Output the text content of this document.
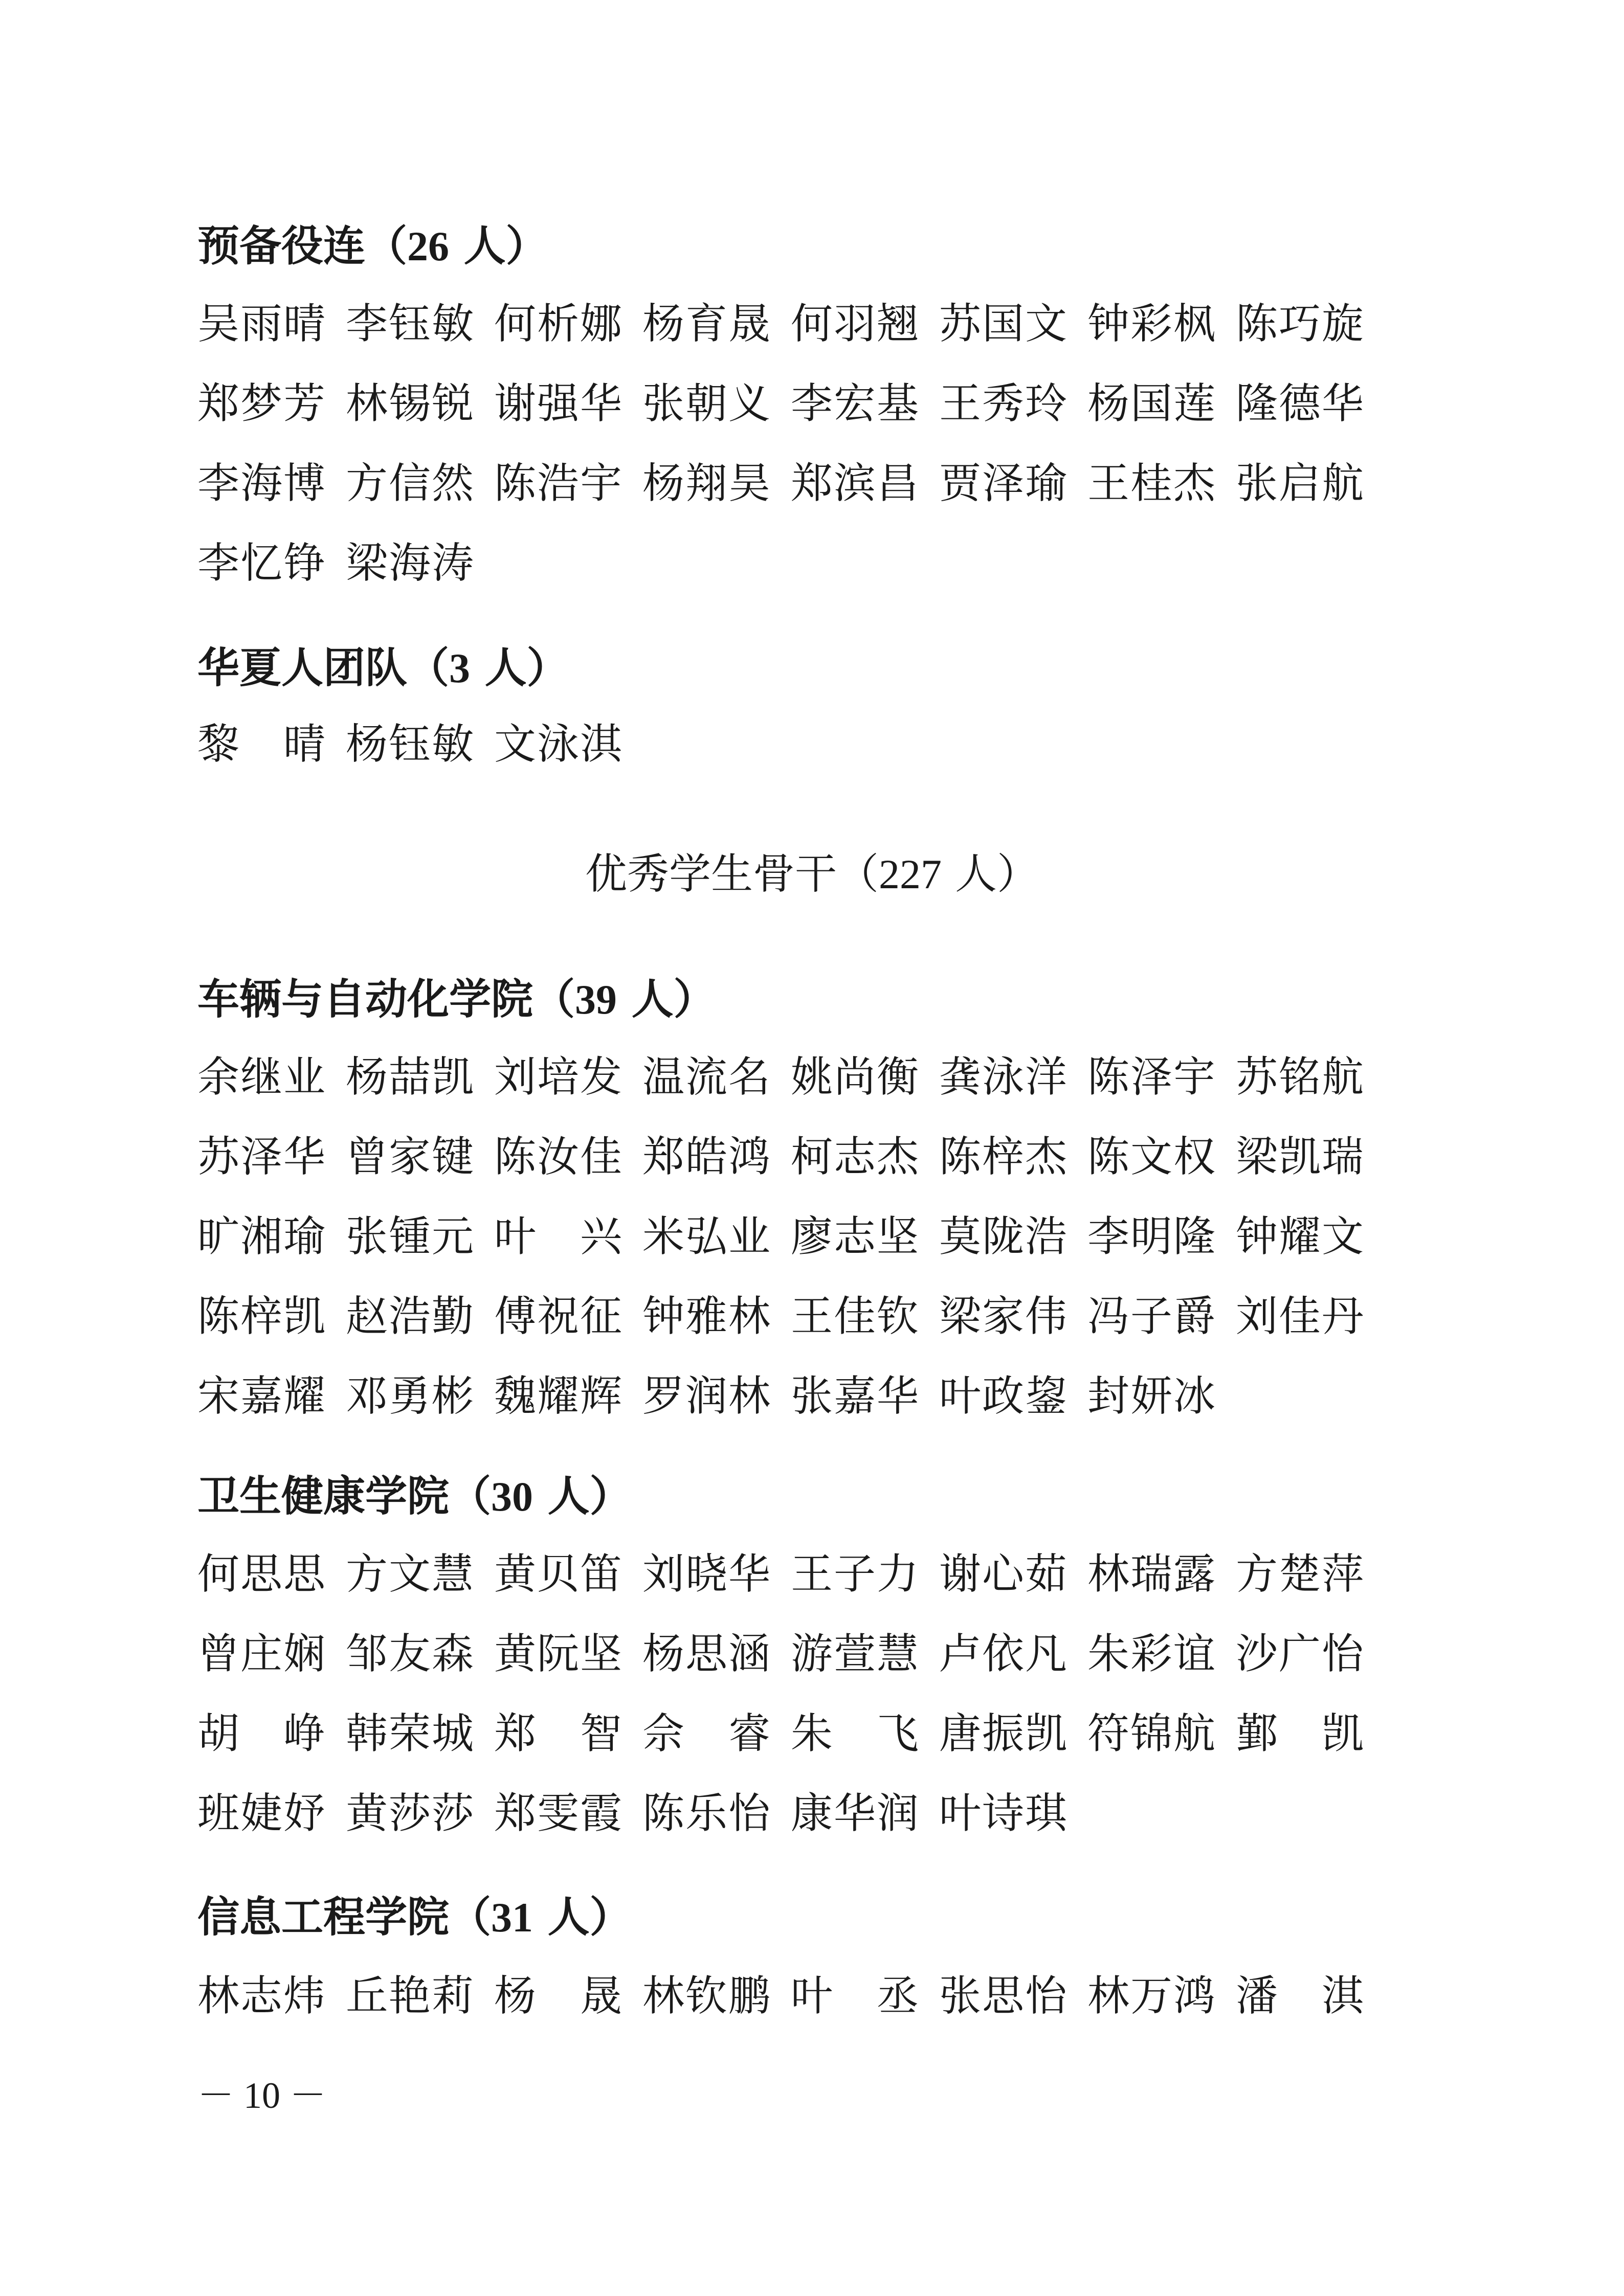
预备役连（26 人）
吴雨晴 李钰敏 何析娜 杨育晟 何羽翘 苏国文 钟彩枫 陈巧旋
郑梦芳 林锡锐 谢强华 张朝义 李宏基 王秀玲 杨国莲 隆德华
李海博 方信然 陈浩宇 杨翔昊 郑滨昌 贾泽瑜 王桂杰 张启航
李忆铮 梁海涛
华夏人团队（3 人）
黎　晴 杨钰敏 文泳淇
优秀学生骨干（227 人）
车辆与自动化学院（39 人）
余继业 杨喆凯 刘培发 温流名 姚尚衡 龚泳洋 陈泽宇 苏铭航
苏泽华 曾家键 陈汝佳 郑皓鸿 柯志杰 陈梓杰 陈文权 梁凯瑞
旷湘瑜 张锺元 叶　兴 米弘业 廖志坚 莫陇浩 李明隆 钟耀文
陈梓凯 赵浩勤 傅祝征 钟雅林 王佳钦 梁家伟 冯子爵 刘佳丹
宋嘉耀 邓勇彬 魏耀辉 罗润林 张嘉华 叶政鋆 封妍冰
卫生健康学院（30 人）
何思思 方文慧 黄贝笛 刘晓华 王子力 谢心茹 林瑞露 方楚萍
曾庄娴 邹友森 黄阮坚 杨思涵 游萱慧 卢依凡 朱彩谊 沙广怡
胡　峥 韩荣城 郑　智 佘　睿 朱　飞 唐振凯 符锦航 鄞　凯
班婕妤 黄莎莎 郑雯霞 陈乐怡 康华润 叶诗琪
信息工程学院（31 人）
林志炜 丘艳莉 杨　晟 林钦鹏 叶　丞 张思怡 林万鸿 潘　淇
－ 10 －
